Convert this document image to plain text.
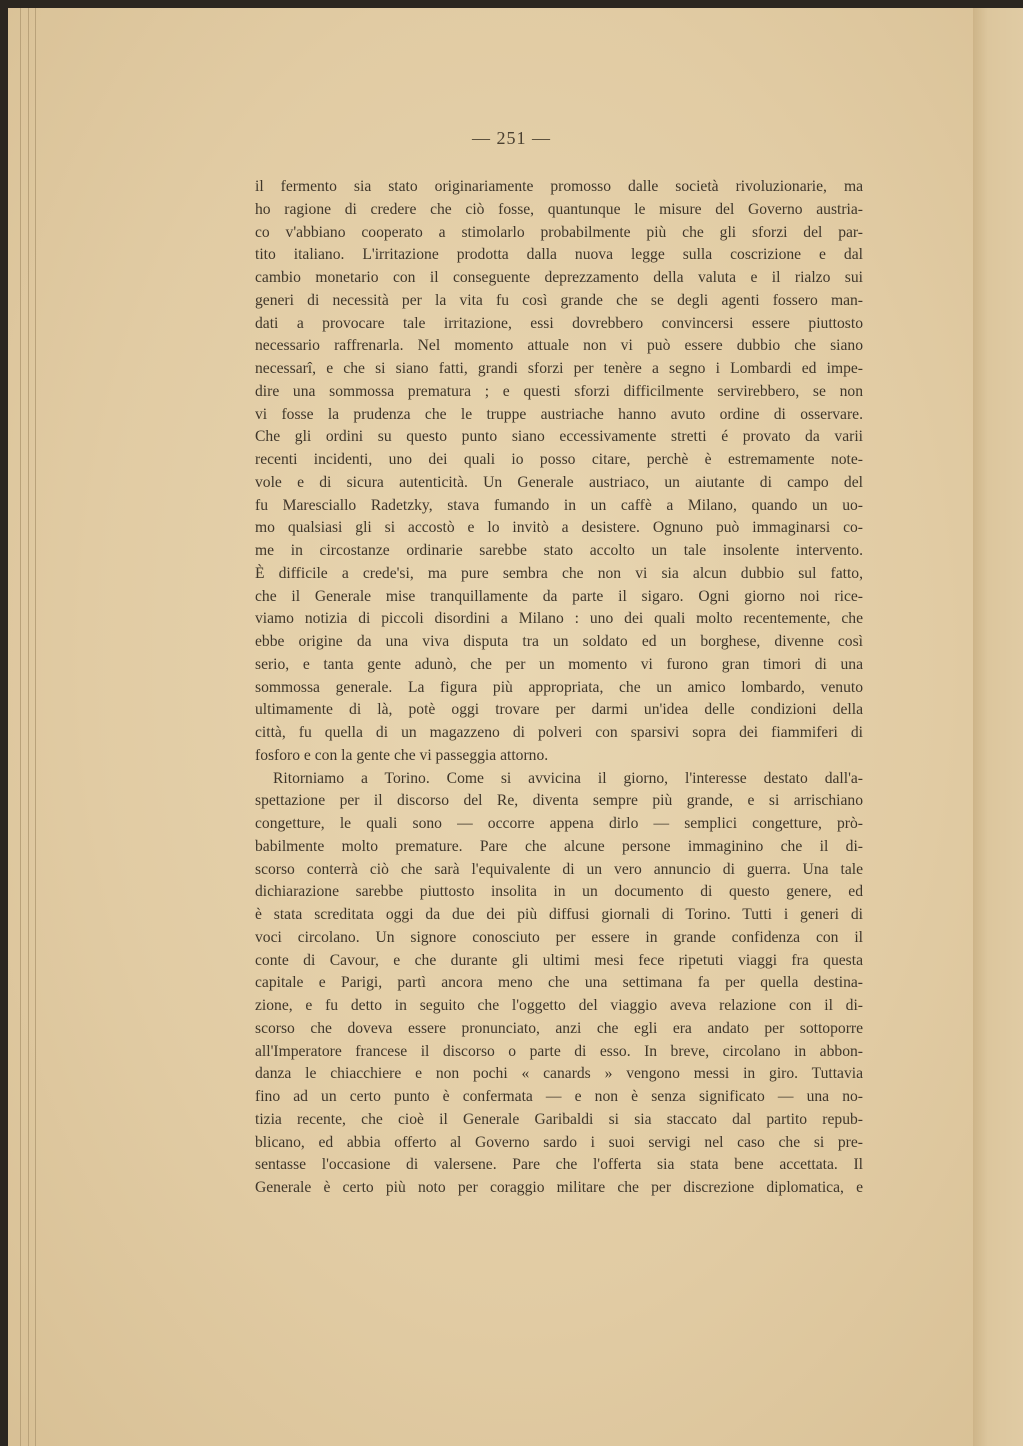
— 251 —
il fermento sia stato originariamente promosso dalle società rivoluzionarie, ma
ho ragione di credere che ciò fosse, quantunque le misure del Governo austria-
co v'abbiano cooperato a stimolarlo probabilmente più che gli sforzi del par-
tito italiano. L'irritazione prodotta dalla nuova legge sulla coscrizione e dal
cambio monetario con il conseguente deprezzamento della valuta e il rialzo sui
generi di necessità per la vita fu così grande che se degli agenti fossero man-
dati a provocare tale irritazione, essi dovrebbero convincersi essere piuttosto
necessario raffrenarla. Nel momento attuale non vi può essere dubbio che siano
necessarî, e che si siano fatti, grandi sforzi per tenère a segno i Lombardi ed impe-
dire una sommossa prematura ; e questi sforzi difficilmente servirebbero, se non
vi fosse la prudenza che le truppe austriache hanno avuto ordine di osservare.
Che gli ordini su questo punto siano eccessivamente stretti é provato da varii
recenti incidenti, uno dei quali io posso citare, perchè è estremamente note-
vole e di sicura autenticità. Un Generale austriaco, un aiutante di campo del
fu Maresciallo Radetzky, stava fumando in un caffè a Milano, quando un uo-
mo qualsiasi gli si accostò e lo invitò a desistere. Ognuno può immaginarsi co-
me in circostanze ordinarie sarebbe stato accolto un tale insolente intervento.
È difficile a crede'si, ma pure sembra che non vi sia alcun dubbio sul fatto,
che il Generale mise tranquillamente da parte il sigaro. Ogni giorno noi rice-
viamo notizia di piccoli disordini a Milano : uno dei quali molto recentemente, che
ebbe origine da una viva disputa tra un soldato ed un borghese, divenne così
serio, e tanta gente adunò, che per un momento vi furono gran timori di una
sommossa generale. La figura più appropriata, che un amico lombardo, venuto
ultimamente di là, potè oggi trovare per darmi un'idea delle condizioni della
città, fu quella di un magazzeno di polveri con sparsivi sopra dei fiammiferi di
fosforo e con la gente che vi passeggia attorno.
Ritorniamo a Torino. Come si avvicina il giorno, l'interesse destato dall'a-
spettazione per il discorso del Re, diventa sempre più grande, e si arrischiano
congetture, le quali sono — occorre appena dirlo — semplici congetture, prò-
babilmente molto premature. Pare che alcune persone immaginino che il di-
scorso conterrà ciò che sarà l'equivalente di un vero annuncio di guerra. Una tale
dichiarazione sarebbe piuttosto insolita in un documento di questo genere, ed
è stata screditata oggi da due dei più diffusi giornali di Torino. Tutti i generi di
voci circolano. Un signore conosciuto per essere in grande confidenza con il
conte di Cavour, e che durante gli ultimi mesi fece ripetuti viaggi fra questa
capitale e Parigi, partì ancora meno che una settimana fa per quella destina-
zione, e fu detto in seguito che l'oggetto del viaggio aveva relazione con il di-
scorso che doveva essere pronunciato, anzi che egli era andato per sottoporre
all'Imperatore francese il discorso o parte di esso. In breve, circolano in abbon-
danza le chiacchiere e non pochi « canards » vengono messi in giro. Tuttavia
fino ad un certo punto è confermata — e non è senza significato — una no-
tizia recente, che cioè il Generale Garibaldi si sia staccato dal partito repub-
blicano, ed abbia offerto al Governo sardo i suoi servigi nel caso che si pre-
sentasse l'occasione di valersene. Pare che l'offerta sia stata bene accettata. Il
Generale è certo più noto per coraggio militare che per discrezione diplomatica, e
